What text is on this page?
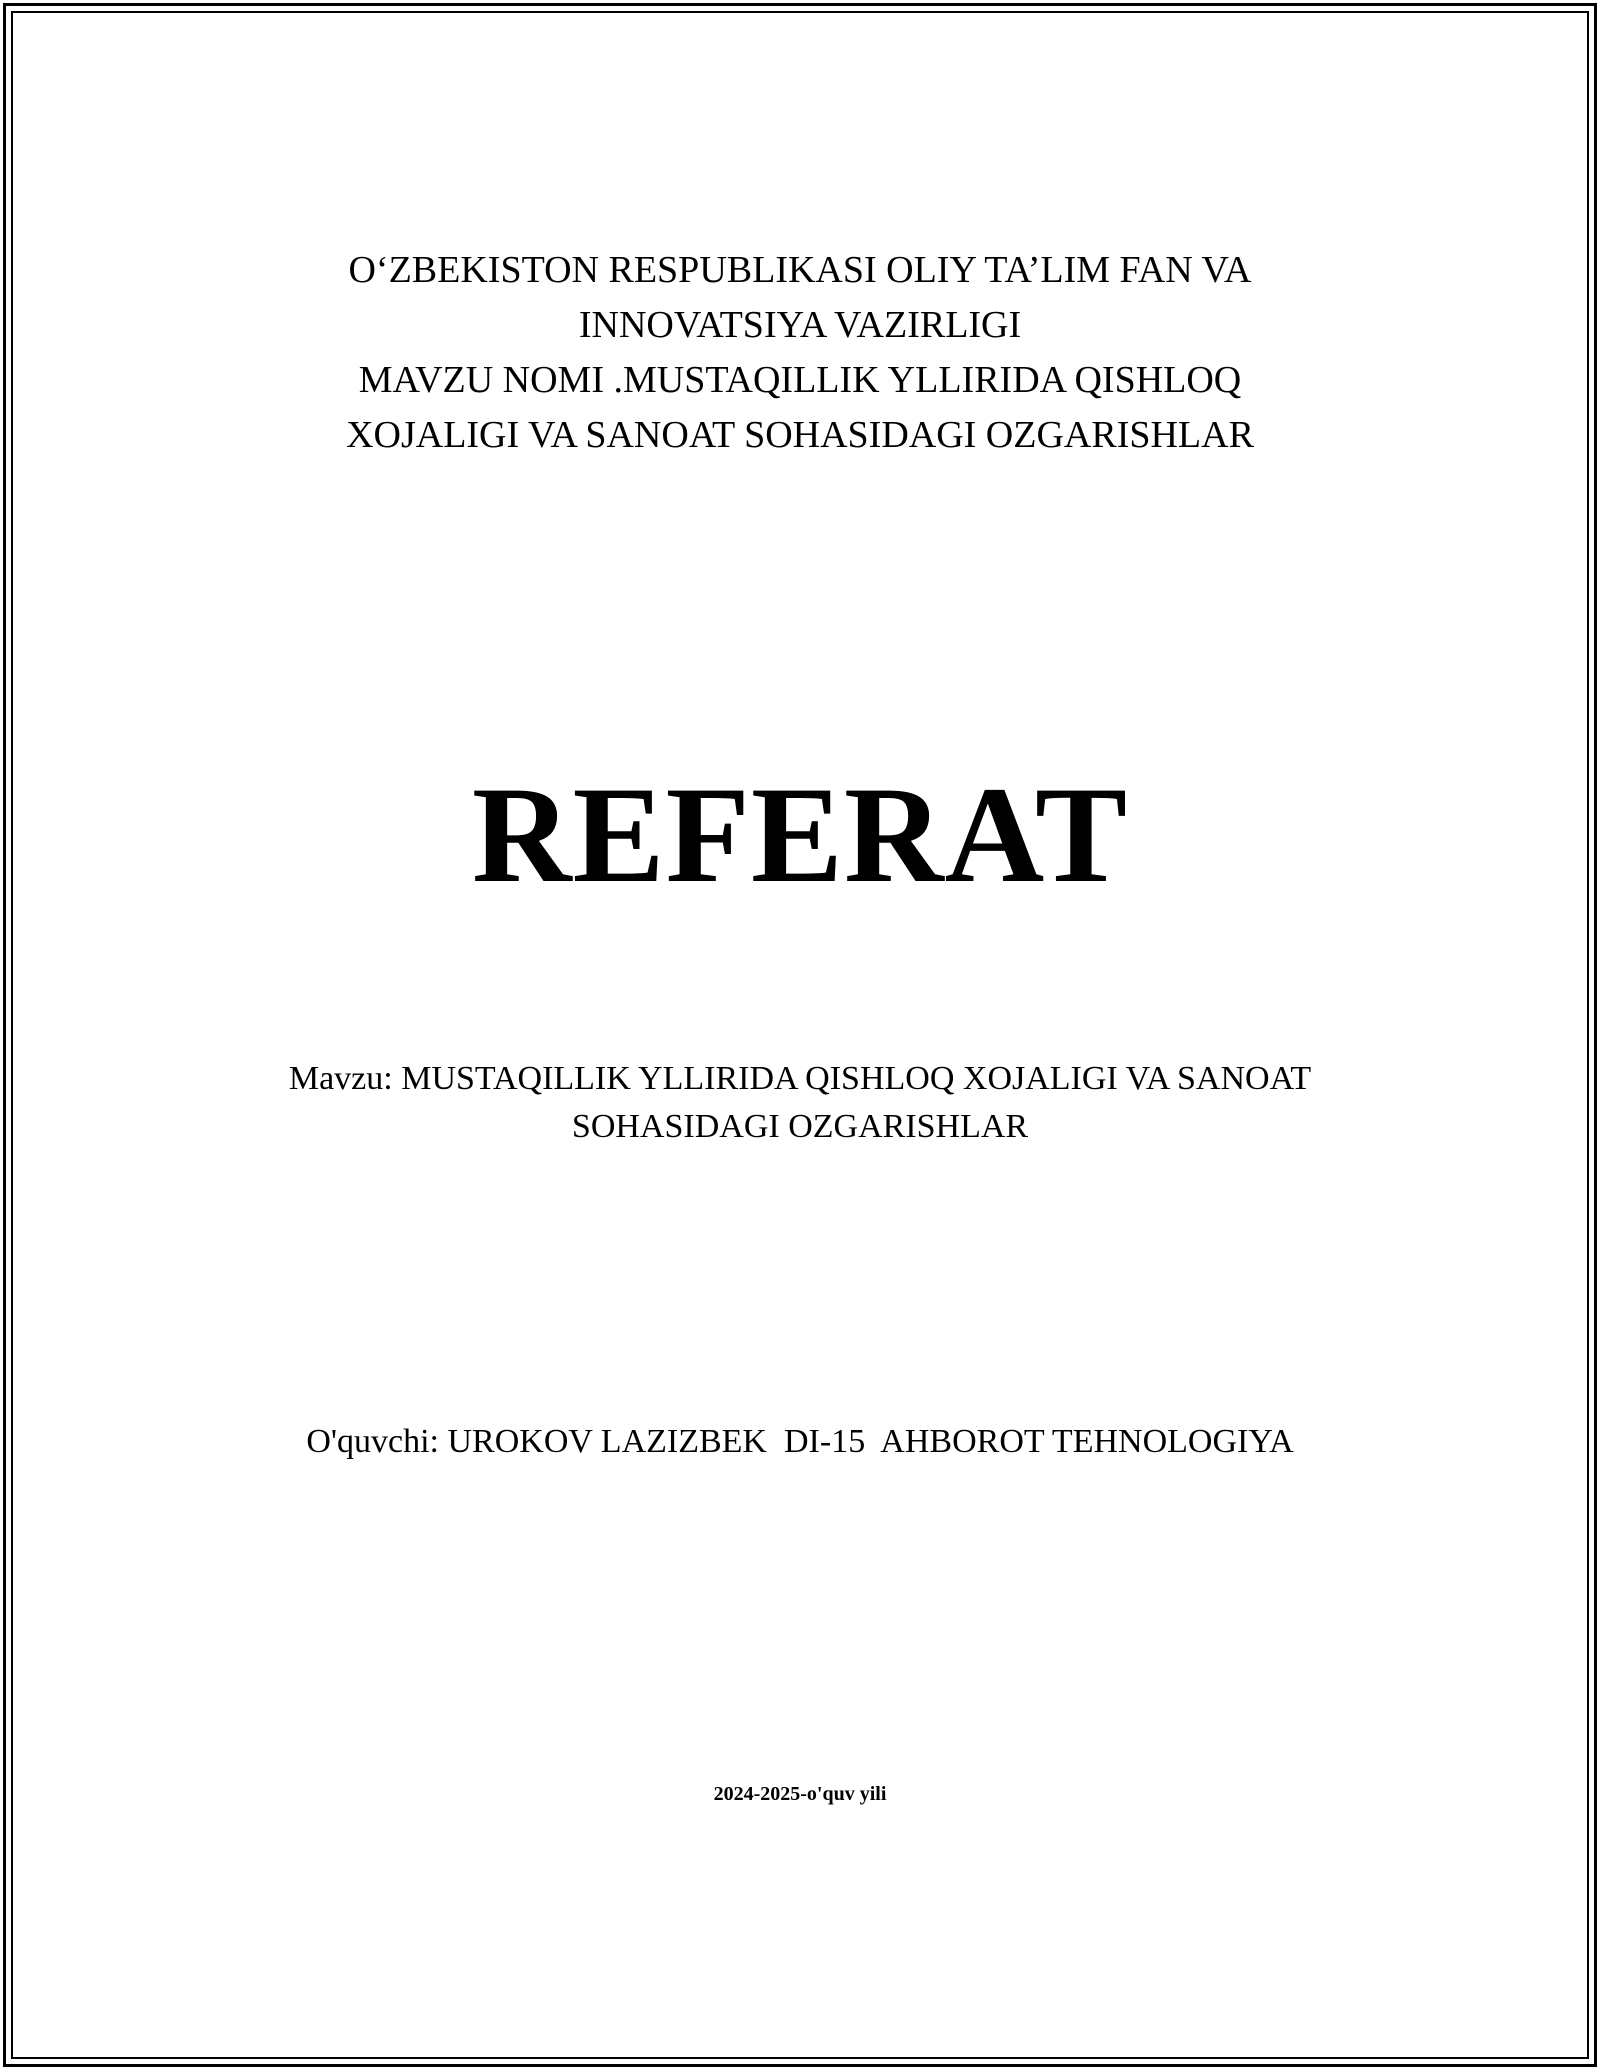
O‘ZBEKISTON RESPUBLIKASI OLIY TA’LIM FAN VA
INNOVATSIYA VAZIRLIGI
MAVZU NOMI .MUSTAQILLIK YLLIRIDA QISHLOQ
XOJALIGI VA SANOAT SOHASIDAGI OZGARISHLAR
REFERAT
Mavzu: MUSTAQILLIK YLLIRIDA QISHLOQ XOJALIGI VA SANOAT
SOHASIDAGI OZGARISHLAR
O'quvchi: UROKOV LAZIZBEK  DI-15  AHBOROT TEHNOLOGIYA
2024-2025-o'quv yili
